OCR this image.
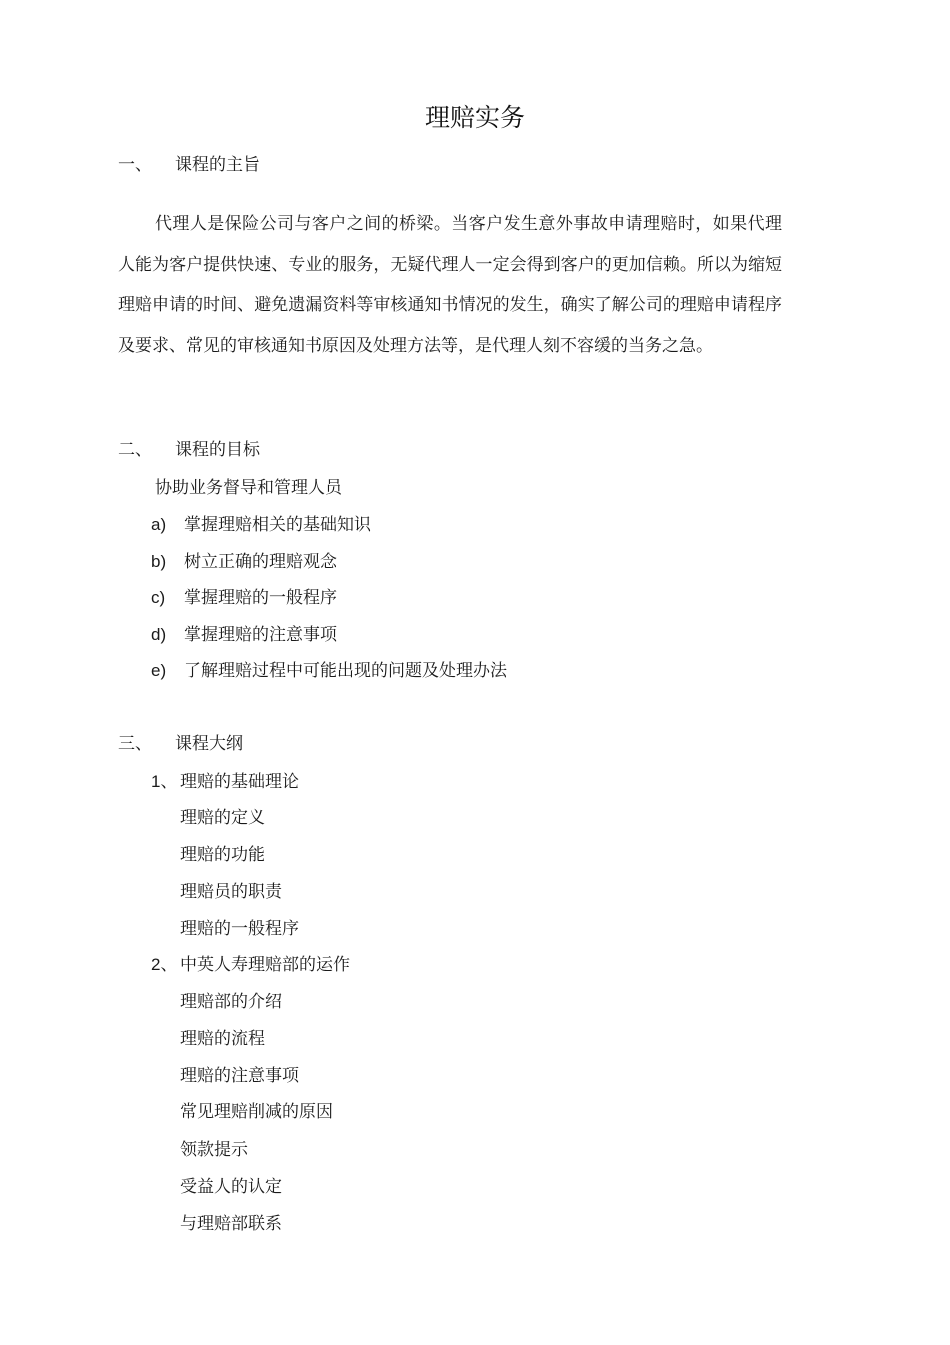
理赔实务
一、 课程的主旨

代理人是保险公司与客户之间的桥梁。当客户发生意外事故申请理赔时，如果代理人能为客户提供快速、专业的服务，无疑代理人一定会得到客户的更加信赖。所以为缩短理赔申请的时间、避免遗漏资料等审核通知书情况的发生，确实了解公司的理赔申请程序及要求、常见的审核通知书原因及处理方法等，是代理人刻不容缓的当务之急。

二、 课程的目标
协助业务督导和管理人员
a) 掌握理赔相关的基础知识
b) 树立正确的理赔观念
c) 掌握理赔的一般程序
d) 掌握理赔的注意事项
e) 了解理赔过程中可能出现的问题及处理办法
三、 课程大纲
1、 理赔的基础理论
理赔的定义
理赔的功能
理赔员的职责
理赔的一般程序
2、 中英人寿理赔部的运作
理赔部的介绍
理赔的流程
理赔的注意事项
常见理赔削减的原因
领款提示
受益人的认定
与理赔部联系
